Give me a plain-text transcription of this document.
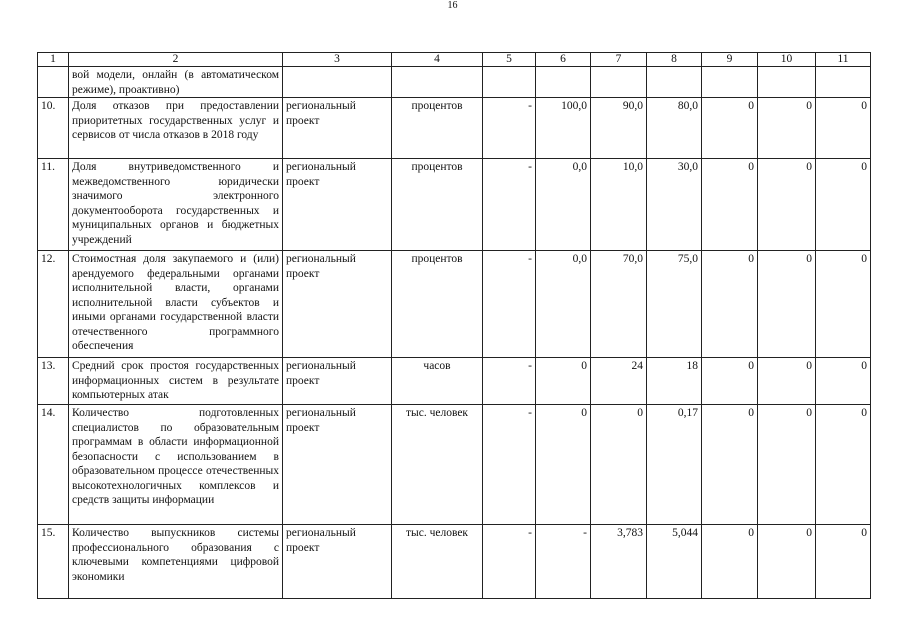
16
1	2	3	4	5	6	7	8	9	10	11
	вой модели, онлайн (в автоматическом режиме), проактивно)									
10.	Доля отказов при предоставлении приоритетных государственных услуг и сервисов от числа отказов в 2018 году	региональный проект	процентов	-	100,0	90,0	80,0	0	0	0
11.	Доля внутриведомственного и межведомственного юридически значимого электронного документооборота государственных и муниципальных органов и бюджетных учреждений	региональный проект	процентов	-	0,0	10,0	30,0	0	0	0
12.	Стоимостная доля закупаемого и (или) арендуемого федеральными органами исполнительной власти, органами исполнительной власти субъектов и иными органами государственной власти отечественного программного обеспечения	региональный проект	процентов	-	0,0	70,0	75,0	0	0	0
13.	Средний срок простоя государственных информационных систем в результате компьютерных атак	региональный проект	часов	-	0	24	18	0	0	0
14.	Количество подготовленных специалистов по образовательным программам в области информационной безопасности с использованием в образовательном процессе отечественных высокотехнологичных комплексов и средств защиты информации	региональный проект	тыс. человек	-	0	0	0,17	0	0	0
15.	Количество выпускников системы профессионального образования с ключевыми компетенциями цифровой экономики	региональный проект	тыс. человек	-	-	3,783	5,044	0	0	0
